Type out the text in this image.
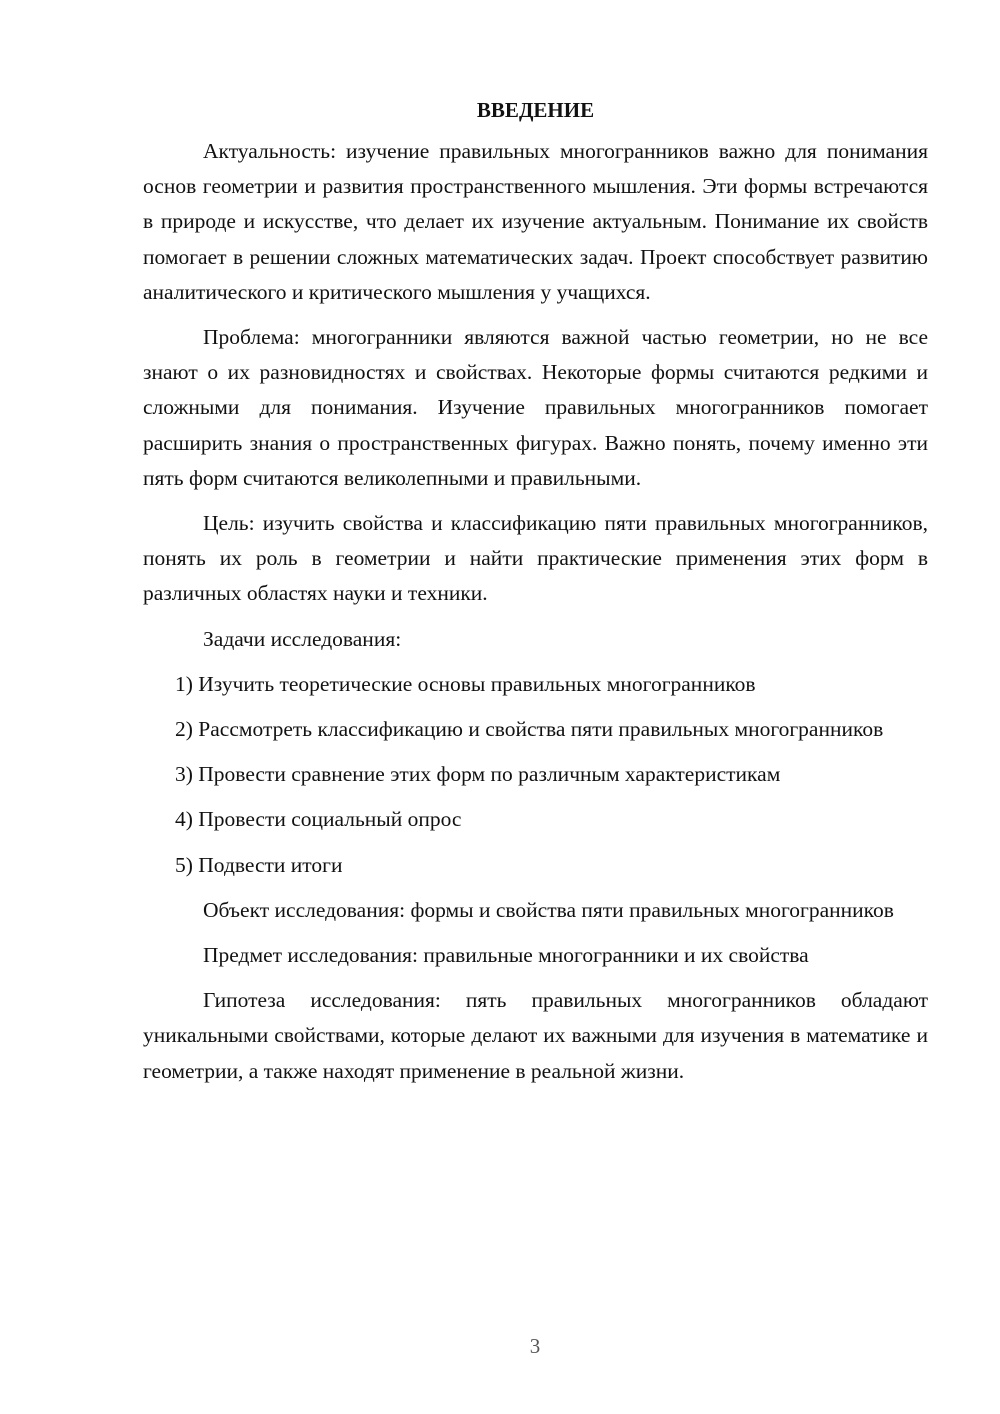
ВВЕДЕНИЕ

Актуальность: изучение правильных многогранников важно для понимания основ геометрии и развития пространственного мышления. Эти формы встречаются в природе и искусстве, что делает их изучение актуальным. Понимание их свойств помогает в решении сложных математических задач. Проект способствует развитию аналитического и критического мышления у учащихся.

Проблема: многогранники являются важной частью геометрии, но не все знают о их разновидностях и свойствах. Некоторые формы считаются редкими и сложными для понимания. Изучение правильных многогранников помогает расширить знания о пространственных фигурах. Важно понять, почему именно эти пять форм считаются великолепными и правильными.

Цель: изучить свойства и классификацию пяти правильных многогранников, понять их роль в геометрии и найти практические применения этих форм в различных областях науки и техники.

Задачи исследования:

1) Изучить теоретические основы правильных многогранников

2) Рассмотреть классификацию и свойства пяти правильных многогранников

3) Провести сравнение этих форм по различным характеристикам

4) Провести социальный опрос

5) Подвести итоги

Объект исследования: формы и свойства пяти правильных многогранников

Предмет исследования: правильные многогранники и их свойства

Гипотеза исследования: пять правильных многогранников обладают уникальными свойствами, которые делают их важными для изучения в математике и геометрии, а также находят применение в реальной жизни.

3
